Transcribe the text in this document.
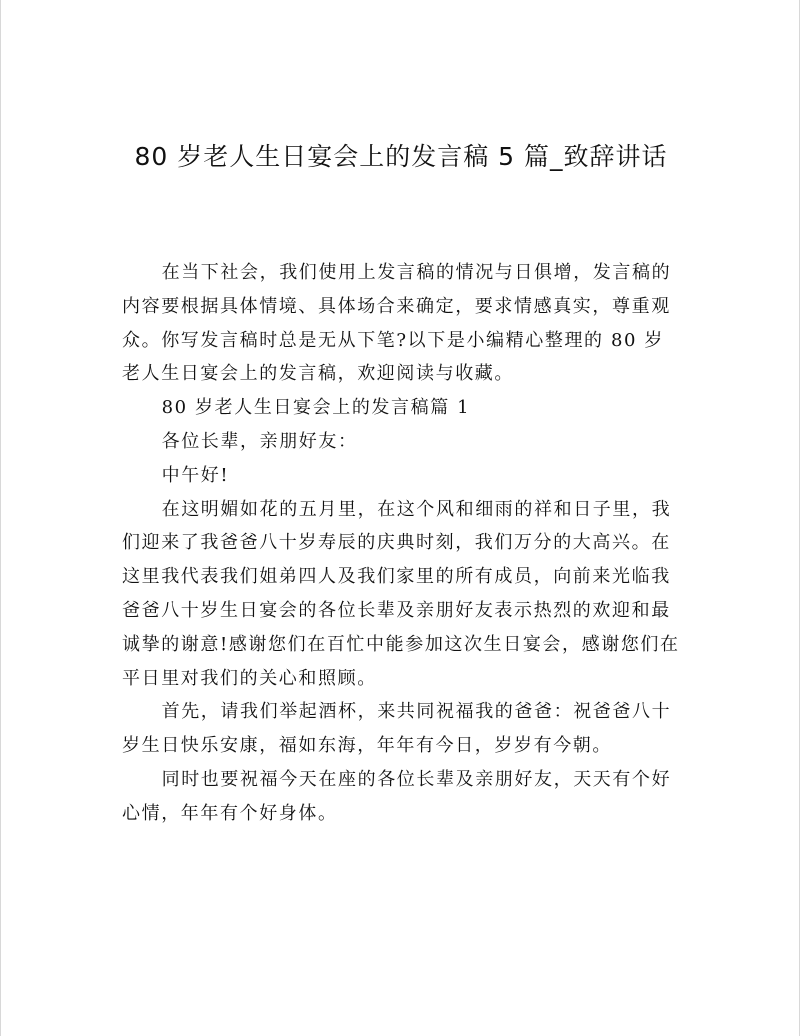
80 岁老人生日宴会上的发言稿 5 篇_致辞讲话

在当下社会，我们使用上发言稿的情况与日俱增，发言稿的内容要根据具体情境、具体场合来确定，要求情感真实，尊重观众。你写发言稿时总是无从下笔?以下是小编精心整理的 80 岁老人生日宴会上的发言稿，欢迎阅读与收藏。

80 岁老人生日宴会上的发言稿篇 1

各位长辈，亲朋好友：

中午好!

在这明媚如花的五月里，在这个风和细雨的祥和日子里，我们迎来了我爸爸八十岁寿辰的庆典时刻，我们万分的大高兴。在这里我代表我们姐弟四人及我们家里的所有成员，向前来光临我爸爸八十岁生日宴会的各位长辈及亲朋好友表示热烈的欢迎和最诚挚的谢意!感谢您们在百忙中能参加这次生日宴会，感谢您们在平日里对我们的关心和照顾。

首先，请我们举起酒杯，来共同祝福我的爸爸：祝爸爸八十岁生日快乐安康，福如东海，年年有今日，岁岁有今朝。

同时也要祝福今天在座的各位长辈及亲朋好友，天天有个好心情，年年有个好身体。
